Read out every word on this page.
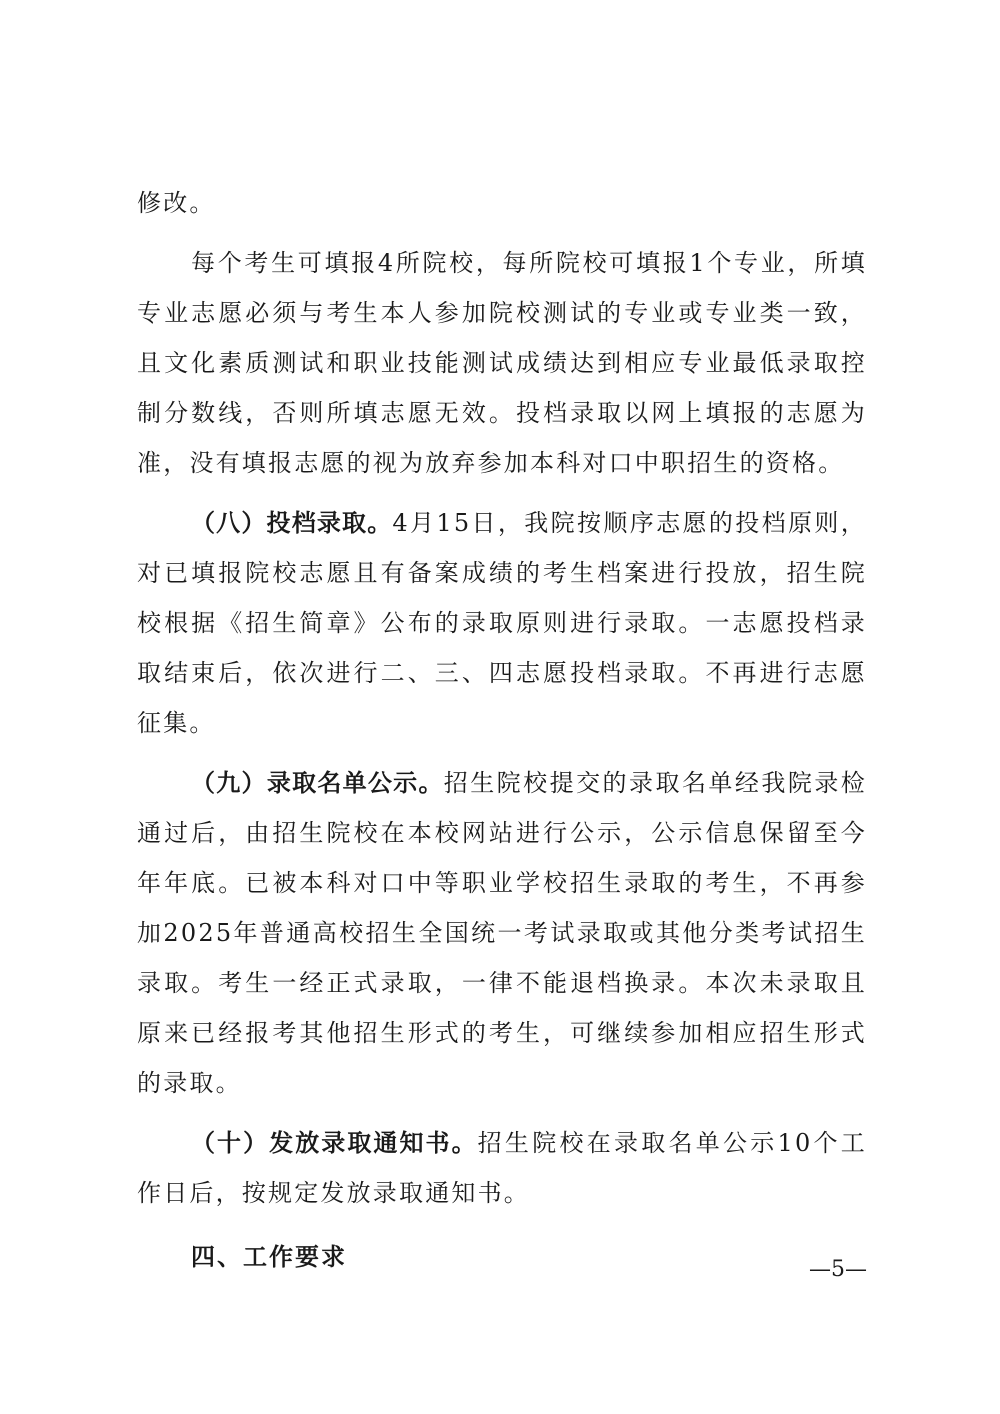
修改。

每个考生可填报4所院校，每所院校可填报1个专业，所填专业志愿必须与考生本人参加院校测试的专业或专业类一致，且文化素质测试和职业技能测试成绩达到相应专业最低录取控制分数线，否则所填志愿无效。投档录取以网上填报的志愿为准，没有填报志愿的视为放弃参加本科对口中职招生的资格。

（八）投档录取。4月15日，我院按顺序志愿的投档原则，对已填报院校志愿且有备案成绩的考生档案进行投放，招生院校根据《招生简章》公布的录取原则进行录取。一志愿投档录取结束后，依次进行二、三、四志愿投档录取。不再进行志愿征集。

（九）录取名单公示。招生院校提交的录取名单经我院录检通过后，由招生院校在本校网站进行公示，公示信息保留至今年年底。已被本科对口中等职业学校招生录取的考生，不再参加2025年普通高校招生全国统一考试录取或其他分类考试招生录取。考生一经正式录取，一律不能退档换录。本次未录取且原来已经报考其他招生形式的考生，可继续参加相应招生形式的录取。

（十）发放录取通知书。招生院校在录取名单公示10个工作日后，按规定发放录取通知书。

四、工作要求	—5—
